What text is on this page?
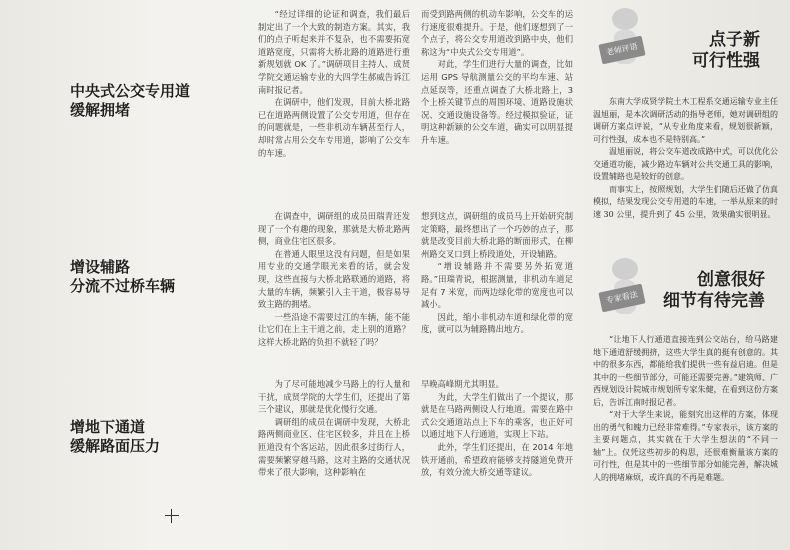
中央式公交专用道
缓解拥堵

“经过详细的论证和调查，我们最后制定出了一个大致的制造方案。其实，我们的点子听起来并不复杂，也不需要拓宽道路宽度，只需将大桥北路的道路进行重新规划就 OK 了。”调研项目主持人、成贤学院交通运输专业的大四学生郝威告诉江南时报记者。

在调研中，他们发现，目前大桥北路已在道路两侧设置了公交专用道，但存在的问题就是，一些非机动车辆甚至行人，却时常占用公交车专用道，影响了公交车的车速。

而受到路两侧的机动车影响，公交车的运行速度很难提升。于是，他们逐想到了一个点子，将公交专用道改到路中央，他们称这为“中央式公交专用道”。

对此，学生们进行大量的调查，比如运用 GPS 导航测量公交的平均车速、站点延误等，还重点调查了大桥北路上，3 个上桥关键节点的周围环境、道路设施状况、交通设施设备等。经过模拟验证，证明这种新颖的公交车道，确实可以明显提升车速。

增设辅路
分流不过桥车辆

在调查中，调研组的成员田瑞青还发现了一个有趣的现象，那就是大桥北路两侧，商业住宅区很多。

在普通人眼里这没有问题，但是如果用专业的交通学眼光来看的话，就会发现，这些直接与大桥北路联通的道路，将大量的车辆，频繁引入主干道，极容易导致主路的拥堵。

一些沿途不需要过江的车辆，能不能让它们在上主干道之前，走上别的道路？这样大桥北路的负担不就轻了吗？

想到这点，调研组的成员马上开始研究制定策略，最终想出了一个巧妙的点子，那就是改变目前大桥北路的断面形式，在柳州路交叉口到上桥段道处，开设辅路。

“增设辅路并不需要另外拓宽道路。”田瑞青说，根据测量，非机动车道足足有 7 米宽，而两边绿化带的宽度也可以减小。

因此，缩小非机动车道和绿化带的宽度，就可以为辅路腾出地方。

增地下通道
缓解路面压力

为了尽可能地减少马路上的行人量和干扰，成贤学院的大学生们，还提出了第三个建议，那就是优化慢行交通。

调研组的成员在调研中发现，大桥北路两侧商业区、住宅区较多，并且在上桥匝道没有个客运站，因此很多过街行人，需要频繁穿越马路，这对主路的交通状况带来了很大影响，这种影响在

早晚高峰期尤其明显。

为此，大学生们做出了一个提议，那就是在马路两侧设人行地道。需要在路中式公交通道站点上下车的乘客，也正好可以通过地下人行通道，实现上下站。

此外，学生们还提出，在 2014 年地铁开通前，希望政府能够支持隧道免费开放，有效分流大桥交通等建议。

老师评语	点子新
可行性强

东南大学成贤学院土木工程系交通运输专业主任温旭丽，是本次调研活动的指导老师，她对调研组的调研方案点评说，“从专业角度来看，规划很新颖，可行性强，成本也不是特别高。”

温旭丽说，将公交车道改成路中式，可以优化公交通道功能，减少路边车辆对公共交通工具的影响，设置辅路也是较好的创意。

而事实上，按照规划，大学生们随后还做了仿真模拟，结果发现公交专用道的车速，一举从原来的时速 30 公里，提升到了 45 公里，效果确实很明显。

专家看法
创意很好
细节有待完善

“让地下人行通道直接连到公交站台，给马路建地下通道舒缓拥挤，这些大学生真的挺有创意的。其中的很多东西，都能给我们提供一些有益启迪。但是其中的一些细节部分，可能还需要完善。”建筑师、广西规划设计院城市规划所专家朱健，在看到这份方案后，告诉江南时报记者。

“对于大学生来说，能刻究出这样的方案，体现出的勇气和魄力已经非常难得。”专家表示，该方案的主要问题点，其实就在于大学生想法的“不同一轴”上。仅凭这些初步的构思，还很难衡量该方案的可行性，但是其中的一些细节部分如能完善，解决城人的拥堵麻烦，或许真的不再是难题。
